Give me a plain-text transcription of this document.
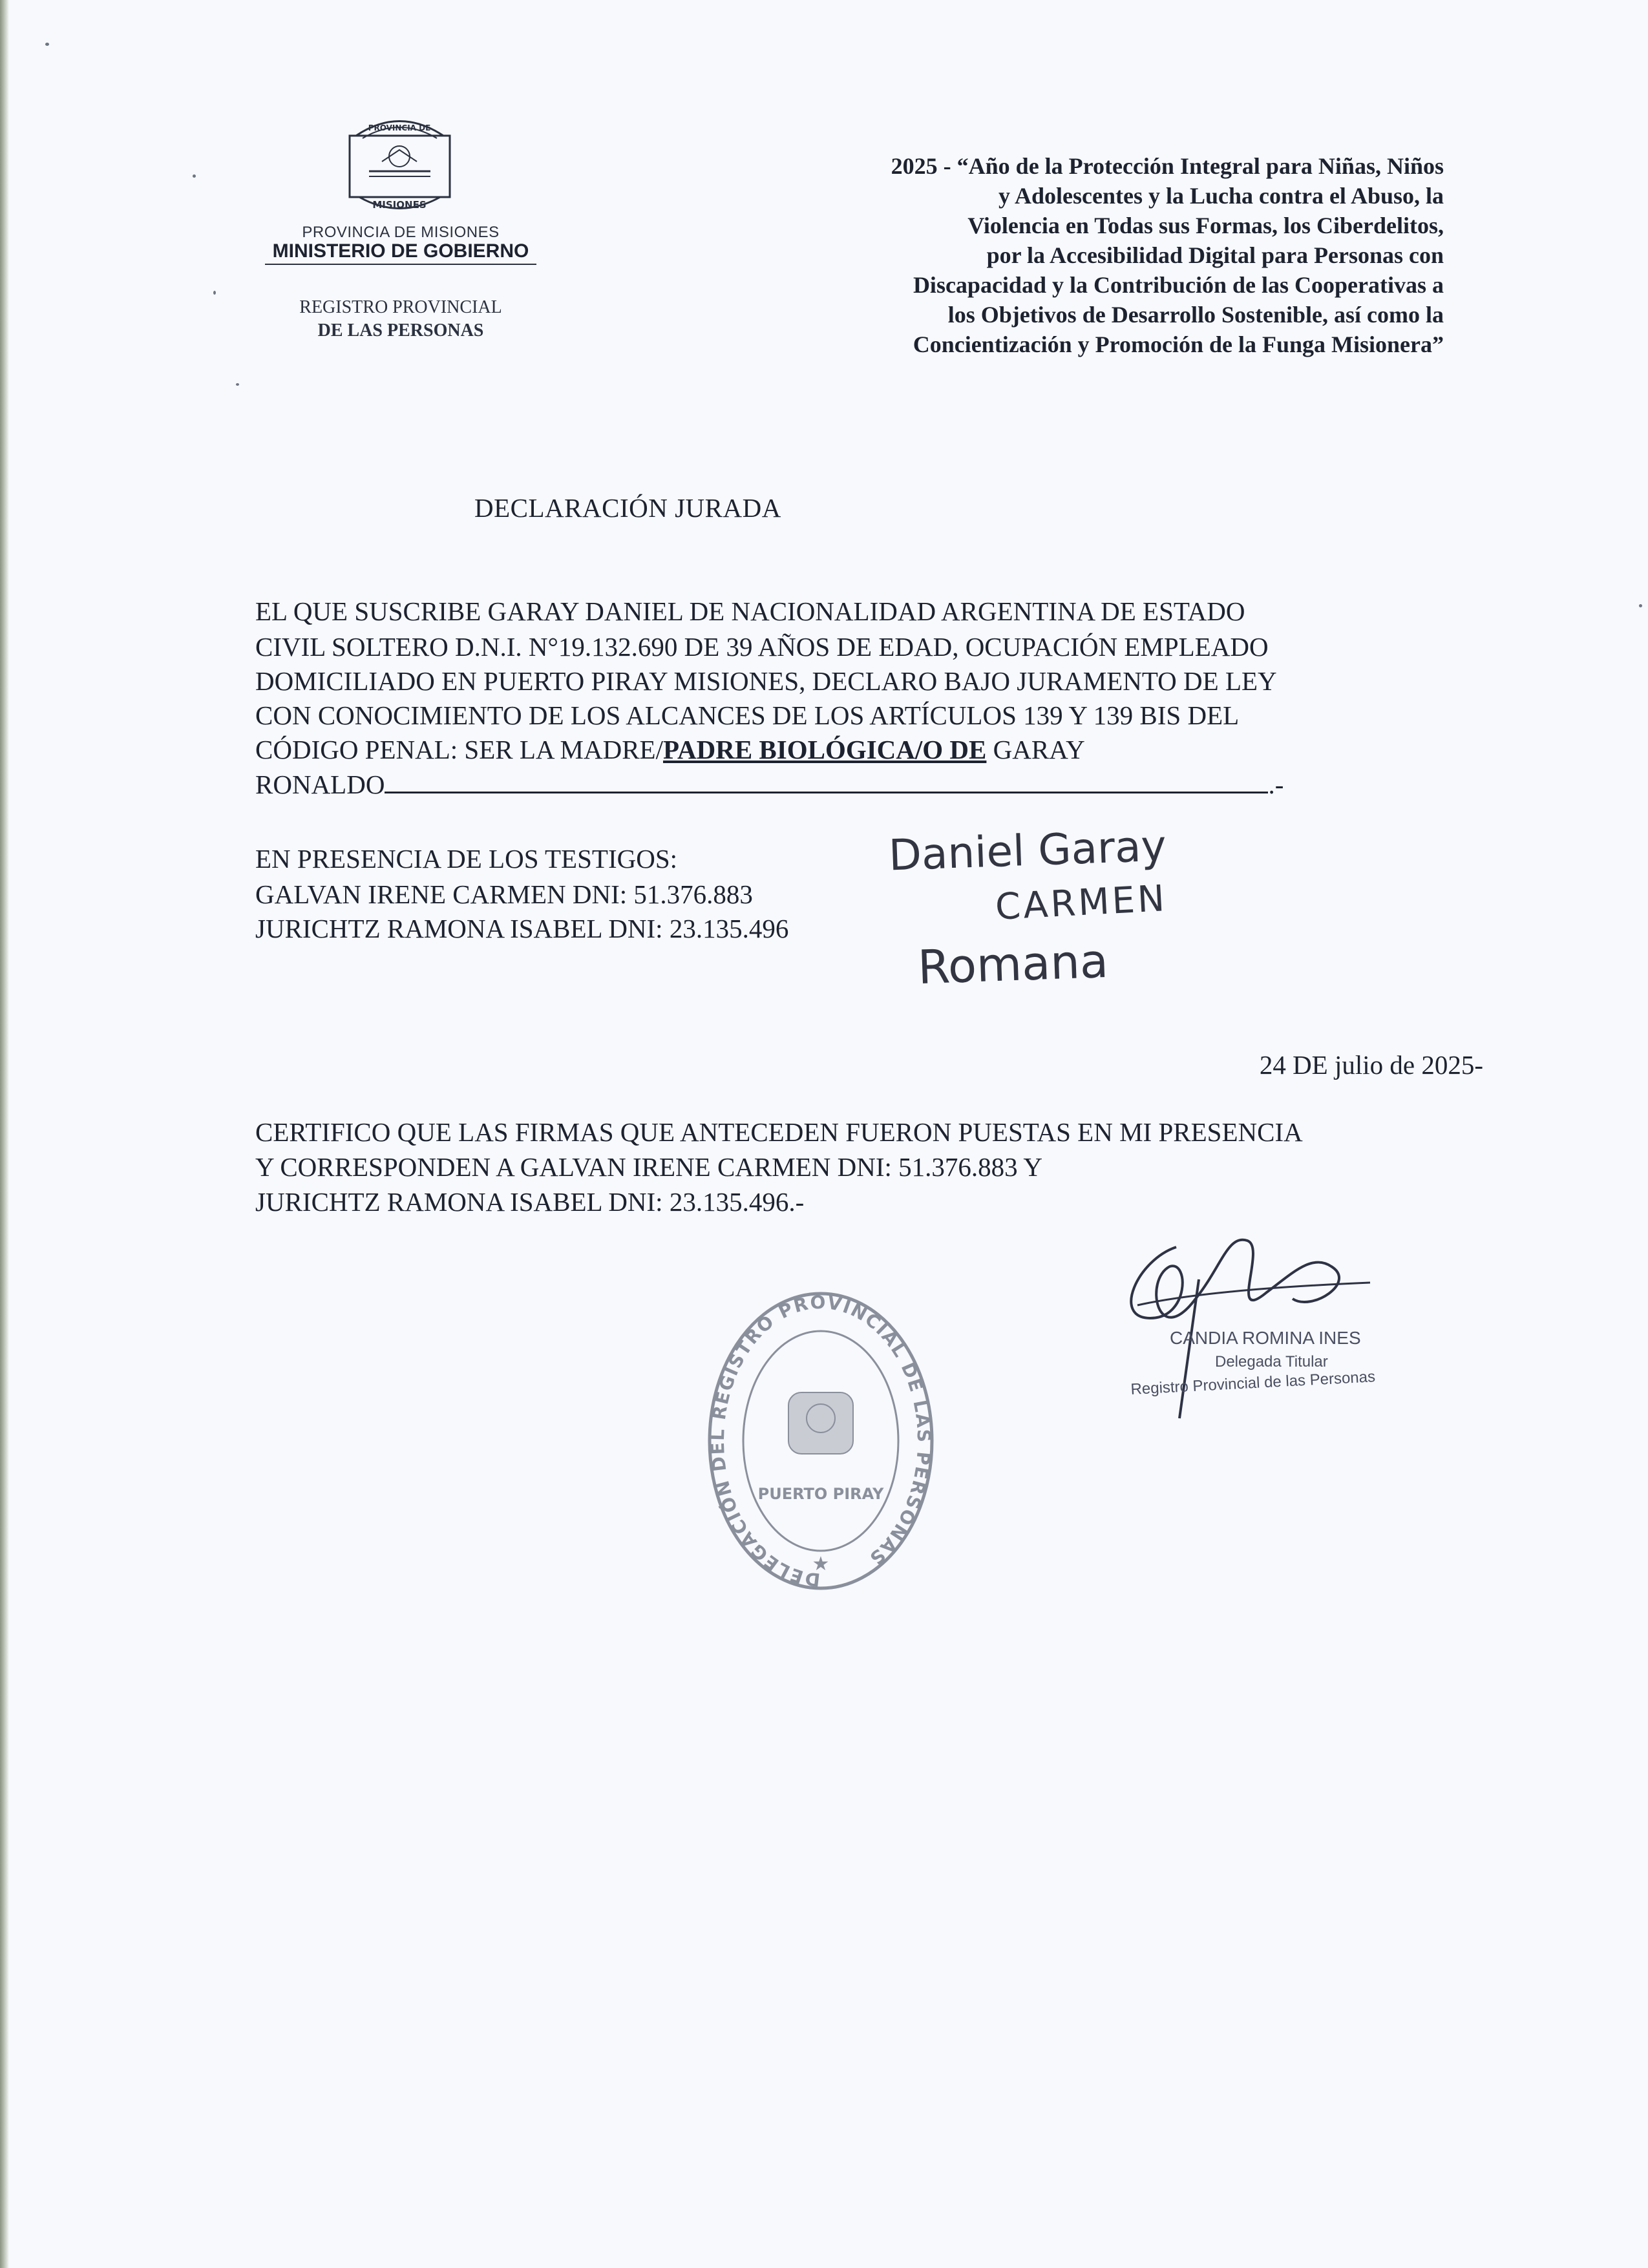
PROVINCIA DE
MISIONES
PROVINCIA DE MISIONES
MINISTERIO DE GOBIERNO
REGISTRO PROVINCIAL
DE LAS PERSONAS
2025 - “Año de la Protección Integral para Niñas, Niños
y Adolescentes y la Lucha contra el Abuso, la
Violencia en Todas sus Formas, los Ciberdelitos,
por la Accesibilidad Digital para Personas con
Discapacidad y la Contribución de las Cooperativas a
los Objetivos de Desarrollo Sostenible, así como la
Concientización y Promoción de la Funga Misionera”
DECLARACIÓN JURADA
EL QUE SUSCRIBE GARAY DANIEL DE NACIONALIDAD ARGENTINA DE ESTADO
CIVIL SOLTERO D.N.I. N°19.132.690 DE 39 AÑOS DE EDAD, OCUPACIÓN EMPLEADO
DOMICILIADO EN PUERTO PIRAY MISIONES, DECLARO BAJO JURAMENTO DE LEY
CON CONOCIMIENTO DE LOS ALCANCES DE LOS ARTÍCULOS 139 Y 139 BIS DEL
CÓDIGO PENAL: SER LA MADRE/PADRE BIOLÓGICA/O DE GARAY
RONALDO	.-
EN PRESENCIA DE LOS TESTIGOS:
GALVAN IRENE CARMEN DNI: 51.376.883
JURICHTZ RAMONA ISABEL DNI: 23.135.496
Daniel Garay
CARMEN
Romana
24 DE julio de 2025-
CERTIFICO QUE LAS FIRMAS QUE ANTECEDEN FUERON PUESTAS EN MI PRESENCIA
Y CORRESPONDEN A GALVAN IRENE CARMEN DNI: 51.376.883 Y
JURICHTZ RAMONA ISABEL DNI: 23.135.496.-
DELEGACIÓN DEL REGISTRO PROVINCIAL DE LAS PERSONAS
PUERTO PIRAY
★
CANDIA ROMINA INES
Delegada Titular
Registro Provincial de las Personas
